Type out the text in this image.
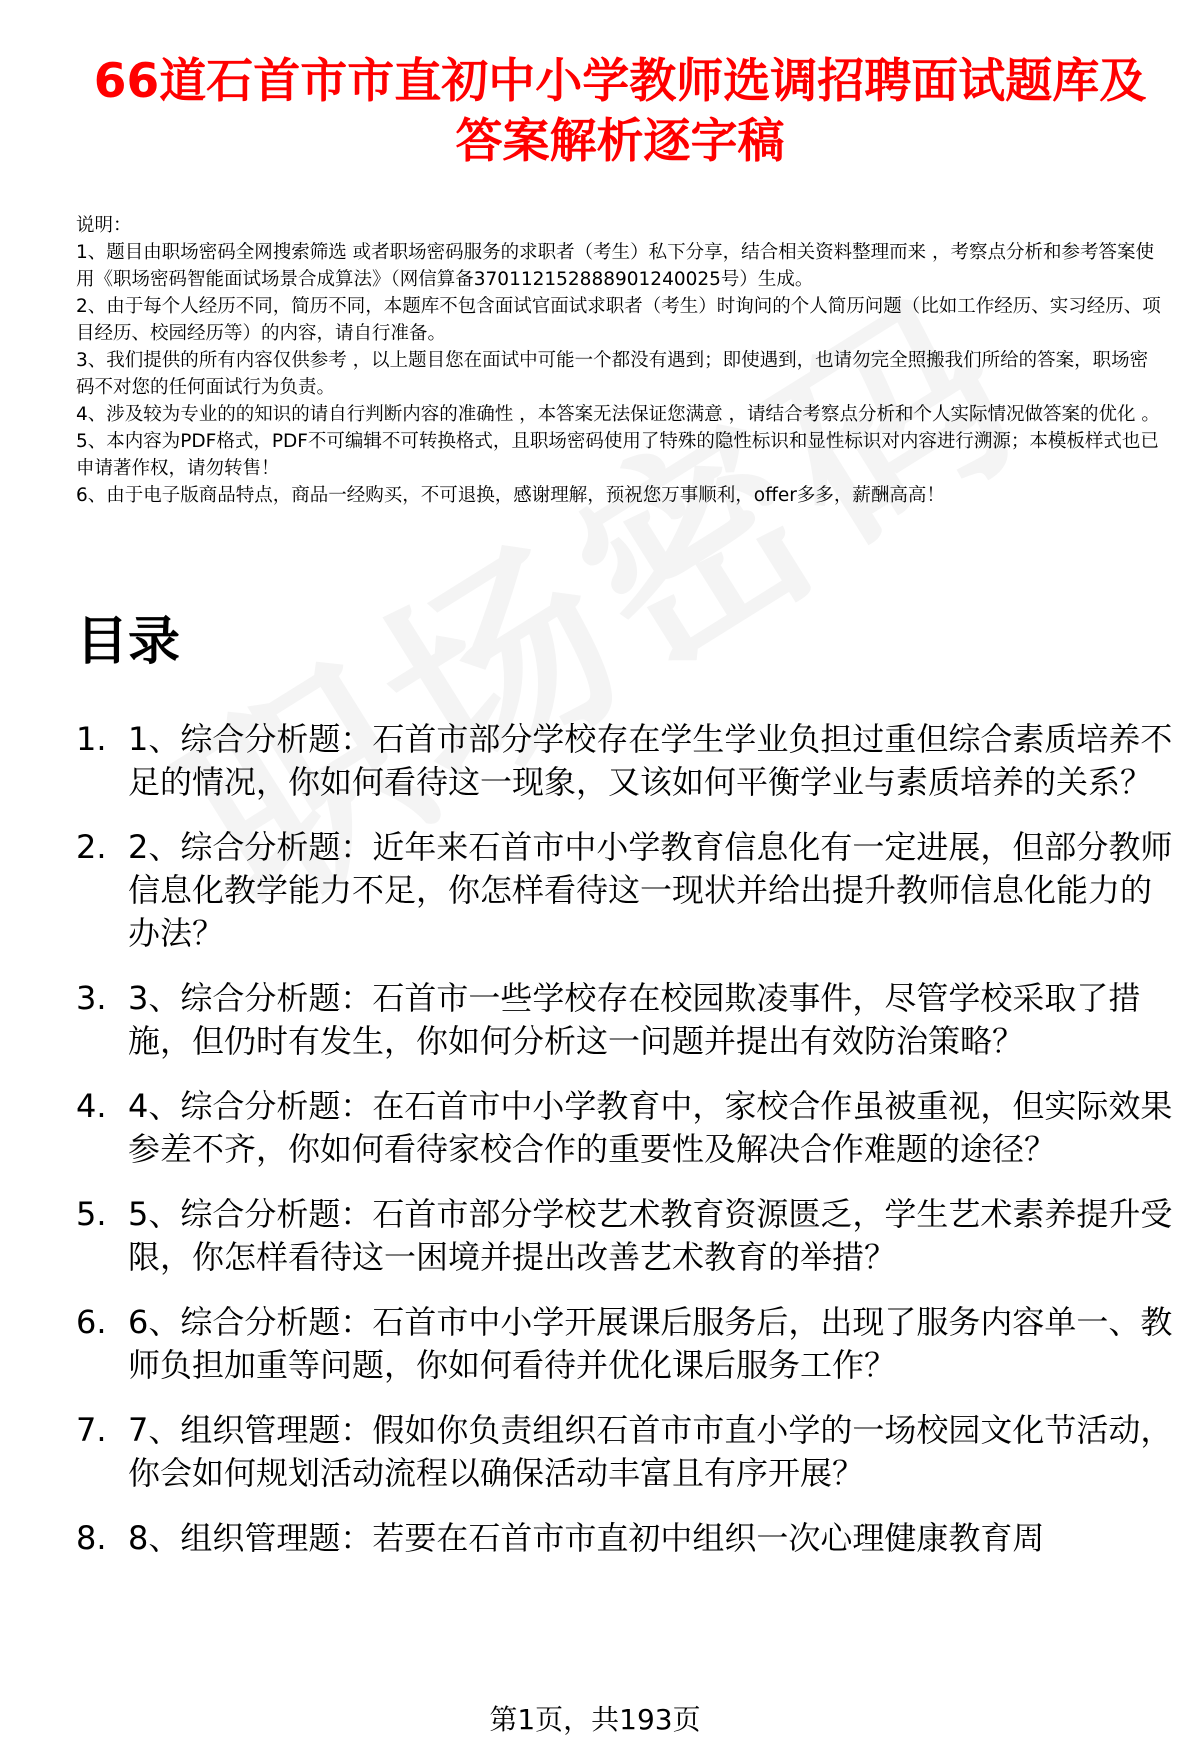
66道石首市市直初中小学教师选调招聘面试题库及答案解析逐字稿

说明：

1、题目由职场密码全网搜索筛选 或者职场密码服务的求职者（考生）私下分享，结合相关资料整理而来 ，考察点分析和参考答案使用《职场密码智能面试场景合成算法》（网信算备370112152888901240025号）生成。

2、由于每个人经历不同，简历不同，本题库不包含面试官面试求职者（考生）时询问的个人简历问题（比如工作经历、实习经历、项目经历、校园经历等）的内容，请自行准备。

3、我们提供的所有内容仅供参考 ，以上题目您在面试中可能一个都没有遇到；即使遇到，也请勿完全照搬我们所给的答案，职场密码不对您的任何面试行为负责。

4、涉及较为专业的的知识的请自行判断内容的准确性 ，本答案无法保证您满意 ，请结合考察点分析和个人实际情况做答案的优化 。

5、本内容为PDF格式，PDF不可编辑不可转换格式，且职场密码使用了特殊的隐性标识和显性标识对内容进行溯源；本模板样式也已申请著作权，请勿转售！

6、由于电子版商品特点，商品一经购买，不可退换，感谢理解，预祝您万事顺利，offer多多，薪酬高高！

目录
1. 1、综合分析题：石首市部分学校存在学生学业负担过重但综合素质培养不足的情况，你如何看待这一现象，又该如何平衡学业与素质培养的关系？
2. 2、综合分析题：近年来石首市中小学教育信息化有一定进展，但部分教师信息化教学能力不足，你怎样看待这一现状并给出提升教师信息化能力的办法？
3. 3、综合分析题：石首市一些学校存在校园欺凌事件，尽管学校采取了措施，但仍时有发生，你如何分析这一问题并提出有效防治策略？
4. 4、综合分析题：在石首市中小学教育中，家校合作虽被重视，但实际效果参差不齐，你如何看待家校合作的重要性及解决合作难题的途径？
5. 5、综合分析题：石首市部分学校艺术教育资源匮乏，学生艺术素养提升受限，你怎样看待这一困境并提出改善艺术教育的举措？
6. 6、综合分析题：石首市中小学开展课后服务后，出现了服务内容单一、教师负担加重等问题，你如何看待并优化课后服务工作？
7. 7、组织管理题：假如你负责组织石首市市直小学的一场校园文化节活动，你会如何规划活动流程以确保活动丰富且有序开展？
8. 8、组织管理题：若要在石首市市直初中组织一次心理健康教育周
第1页，共193页
